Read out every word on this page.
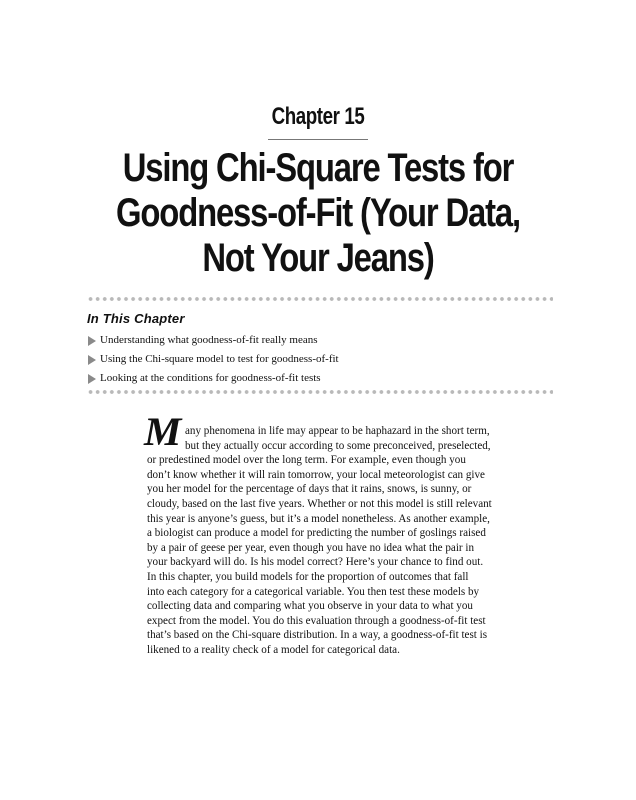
Chapter 15
Using Chi-Square Tests for
Goodness-of-Fit (Your Data,
Not Your Jeans)
In This Chapter
Understanding what goodness-of-fit really means
Using the Chi-square model to test for goodness-of-fit
Looking at the conditions for goodness-of-fit tests
M any phenomena in life may appear to be haphazard in the short term,
but they actually occur according to some preconceived, preselected,
or predestined model over the long term. For example, even though you
don’t know whether it will rain tomorrow, your local meteorologist can give
you her model for the percentage of days that it rains, snows, is sunny, or
cloudy, based on the last five years. Whether or not this model is still relevant
this year is anyone’s guess, but it’s a model nonetheless. As another example,
a biologist can produce a model for predicting the number of goslings raised
by a pair of geese per year, even though you have no idea what the pair in
your backyard will do. Is his model correct? Here’s your chance to find out.
In this chapter, you build models for the proportion of outcomes that fall
into each category for a categorical variable. You then test these models by
collecting data and comparing what you observe in your data to what you
expect from the model. You do this evaluation through a goodness-of-fit test
that’s based on the Chi-square distribution. In a way, a goodness-of-fit test is
likened to a reality check of a model for categorical data.
